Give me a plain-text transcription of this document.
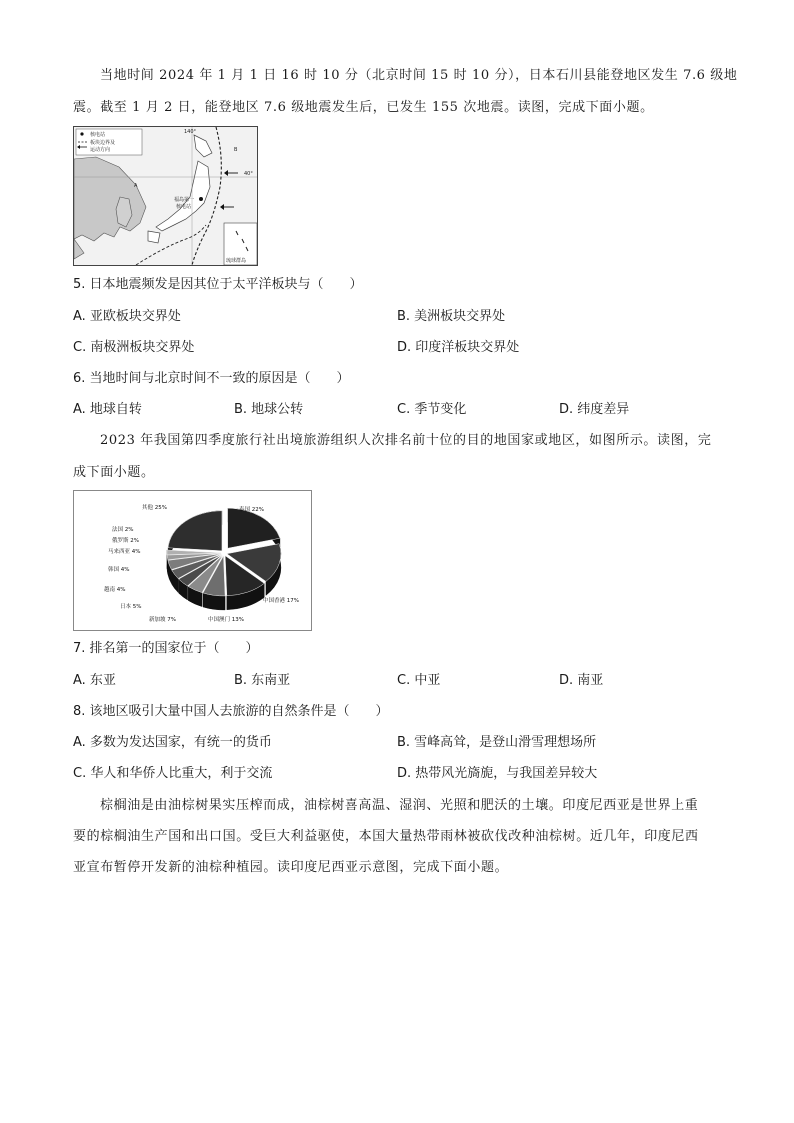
当地时间 2024 年 1 月 1 日 16 时 10 分（北京时间 15 时 10 分），日本石川县能登地区发生 7.6 级地
震。截至 1 月 2 日，能登地区 7.6 级地震发生后，已发生 155 次地震。读图，完成下面小题。
核电站
板块边界及
运动方向
140°
40°
福岛第一
核电站
A
B
琉球群岛
5. 日本地震频发是因其位于太平洋板块与（　　）
A. 亚欧板块交界处	B. 美洲板块交界处
C. 南极洲板块交界处	D. 印度洋板块交界处
6. 当地时间与北京时间不一致的原因是（　　）
A. 地球自转	B. 地球公转	C. 季节变化	D. 纬度差异
2023 年我国第四季度旅行社出境旅游组织人次排名前十位的目的地国家或地区，如图所示。读图，完
成下面小题。
其他 25%	泰国 22%
中国香港 17%
中国澳门 13%
新加坡 7%
日本 5%
越南 4%
韩国 4%
马来西亚 4%
俄罗斯 2%
法国 2%
7. 排名第一的国家位于（　　）
A. 东亚	B. 东南亚	C. 中亚	D. 南亚
8. 该地区吸引大量中国人去旅游的自然条件是（　　）
A. 多数为发达国家，有统一的货币	B. 雪峰高耸，是登山滑雪理想场所
C. 华人和华侨人比重大，利于交流	D. 热带风光旖旎，与我国差异较大
棕榈油是由油棕树果实压榨而成，油棕树喜高温、湿润、光照和肥沃的土壤。印度尼西亚是世界上重
要的棕榈油生产国和出口国。受巨大利益驱使，本国大量热带雨林被砍伐改种油棕树。近几年，印度尼西
亚宣布暂停开发新的油棕种植园。读印度尼西亚示意图，完成下面小题。
